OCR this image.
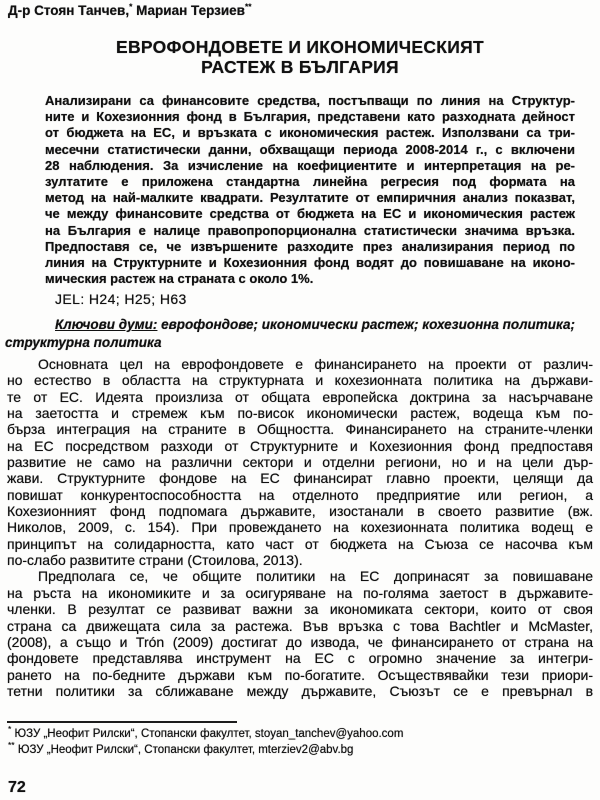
Д-р Стоян Танчев,* Мариан Терзиев**
ЕВРОФОНДОВЕТЕ И ИКОНОМИЧЕСКИЯТ
РАСТЕЖ В БЪЛГАРИЯ
Анализирани са финансовите средства, постъпващи по линия на Структур-
ните и Кохезионния фонд в България, представени като разходната дейност
от бюджета на ЕС, и връзката с икономическия растеж. Използвани са три-
месечни статистически данни, обхващащи периода 2008-2014 г., с включени
28 наблюдения. За изчисление на коефициентите и интерпретация на ре-
зултатите е приложена стандартна линейна регресия под формата на
метод на най-малките квадрати. Резултатите от емпиричния анализ показват,
че между финансовите средства от бюджета на ЕС и икономическия растеж
на България е налице правопропорционална статистически значима връзка.
Предпоставя се, че извършените разходите през анализирания период по
линия на Структурните и Кохезионния фонд водят до повишаване на иконо-
мическия растеж на страната с около 1%.
JEL: H24; H25; H63
Ключови думи: еврофондове; икономически растеж; кохезионна политика;
структурна политика
Основната цел на еврофондовете е финансирането на проекти от различ-
но естество в областта на структурната и кохезионната политика на държави-
те от ЕС. Идеята произлиза от общата европейска доктрина за насърчаване
на заетостта и стремеж към по-висок икономически растеж, водеща към по-
бърза интеграция на страните в Общността. Финансирането на страните-членки
на ЕС посредством разходи от Структурните и Кохезионния фонд предпоставя
развитие не само на различни сектори и отделни региони, но и на цели дър-
жави. Структурните фондове на ЕС финансират главно проекти, целящи да
повишат конкурентоспособността на отделното предприятие или регион, а
Кохезионният фонд подпомага държавите, изостанали в своето развитие (вж.
Николов, 2009, с. 154). При провеждането на кохезионната политика водещ е
принципът на солидарността, като част от бюджета на Съюза се насочва към
по-слабо развитите страни (Стоилова, 2013).
Предполага се, че общите политики на ЕС допринасят за повишаване
на ръста на икономиките и за осигуряване на по-голяма заетост в държавите-
членки. В резултат се развиват важни за икономиката сектори, които от своя
страна са движещата сила за растежа. Във връзка с това Bachtler и McMaster,
(2008), а също и Trón (2009) достигат до извода, че финансирането от страна на
фондовете представлява инструмент на ЕС с огромно значение за интегри-
рането на по-бедните държави към по-богатите. Осъществявайки тези приори-
тетни политики за сближаване между държавите, Съюзът се е превърнал в
* ЮЗУ „Неофит Рилски“, Стопански факултет, stoyan_tanchev@yahoo.com
** ЮЗУ „Неофит Рилски“, Стопански факултет, mterziev2@abv.bg
72
